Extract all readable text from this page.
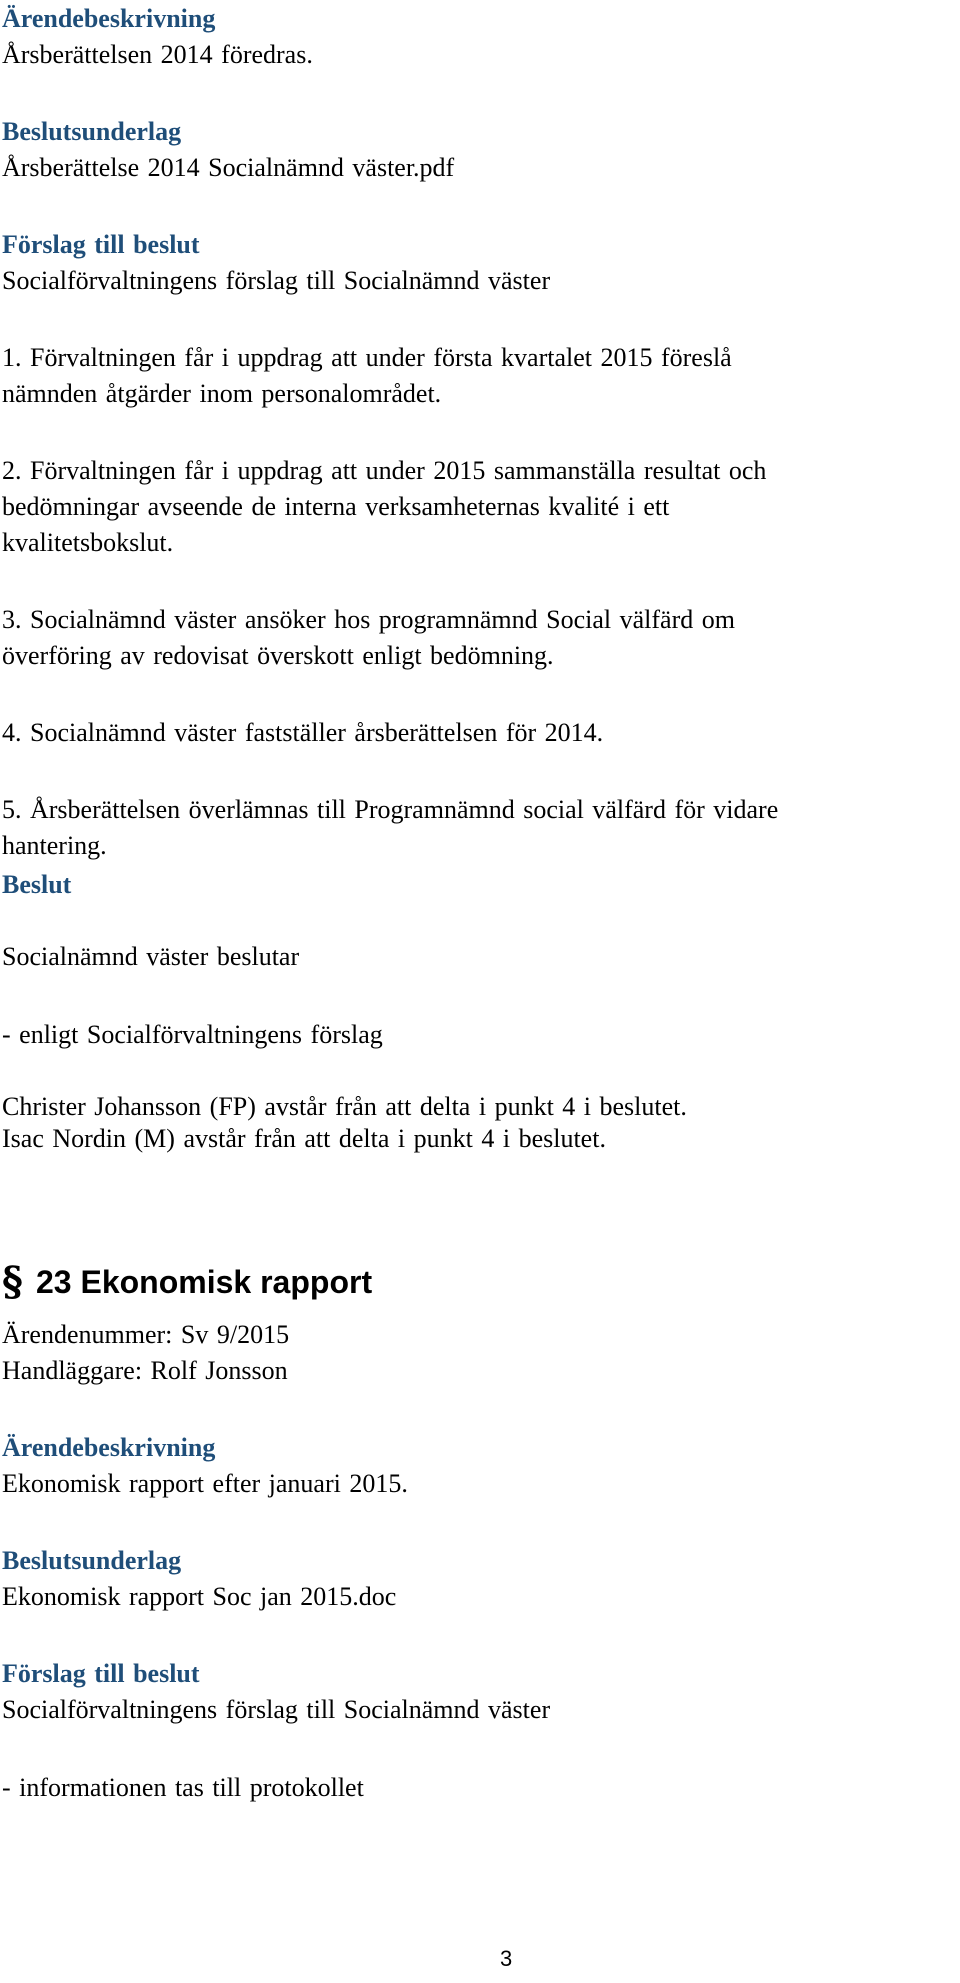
Ärendebeskrivning
Årsberättelsen 2014 föredras.
Beslutsunderlag
Årsberättelse 2014 Socialnämnd väster.pdf
Förslag till beslut
Socialförvaltningens förslag till Socialnämnd väster
1. Förvaltningen får i uppdrag att under första kvartalet 2015 föreslå
nämnden åtgärder inom personalområdet.
2. Förvaltningen får i uppdrag att under 2015 sammanställa resultat och
bedömningar avseende de interna verksamheternas kvalité i ett
kvalitetsbokslut.
3. Socialnämnd väster ansöker hos programnämnd Social välfärd om
överföring av redovisat överskott enligt bedömning.
4. Socialnämnd väster fastställer årsberättelsen för 2014.
5. Årsberättelsen överlämnas till Programnämnd social välfärd för vidare
hantering.
Beslut
Socialnämnd väster beslutar
- enligt Socialförvaltningens förslag
Christer Johansson (FP) avstår från att delta i punkt 4 i beslutet.
Isac Nordin (M) avstår från att delta i punkt 4 i beslutet.
§ 23 Ekonomisk rapport
Ärendenummer: Sv 9/2015
Handläggare: Rolf Jonsson
Ärendebeskrivning
Ekonomisk rapport efter januari 2015.
Beslutsunderlag
Ekonomisk rapport Soc jan 2015.doc
Förslag till beslut
Socialförvaltningens förslag till Socialnämnd väster
- informationen tas till protokollet
3
